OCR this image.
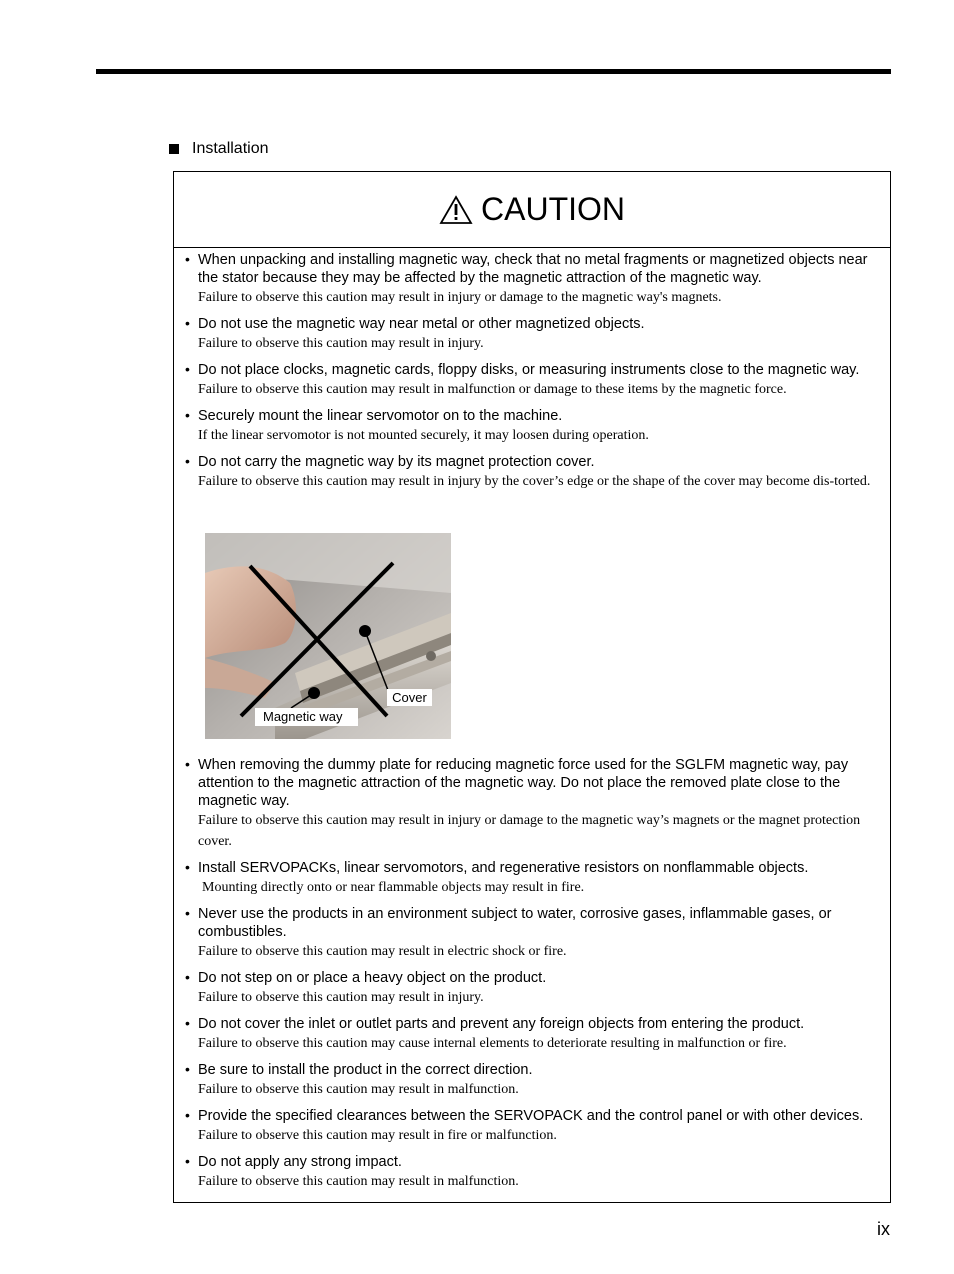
Installation
CAUTION
• When unpacking and installing magnetic way, check that no metal fragments or magnetized objects near the stator because they may be affected by the magnetic attraction of the magnetic way.
Failure to observe this caution may result in injury or damage to the magnetic way's magnets.
• Do not use the magnetic way near metal or other magnetized objects.
Failure to observe this caution may result in injury.
• Do not place clocks, magnetic cards, floppy disks, or measuring instruments close to the magnetic way.
Failure to observe this caution may result in malfunction or damage to these items by the magnetic force.
• Securely mount the linear servomotor on to the machine.
If the linear servomotor is not mounted securely, it may loosen during operation.
• Do not carry the magnetic way by its magnet protection cover.
Failure to observe this caution may result in injury by the cover’s edge or the shape of the cover may become dis-torted.
Cover
Magnetic way
• When removing the dummy plate for reducing magnetic force used for the SGLFM magnetic way, pay attention to the magnetic attraction of the magnetic way. Do not place the removed plate close to the magnetic way.
Failure to observe this caution may result in injury or damage to the magnetic way’s magnets or the magnet protection cover.
• Install SERVOPACKs, linear servomotors, and regenerative resistors on nonflammable objects.
Mounting directly onto or near flammable objects may result in fire.
• Never use the products in an environment subject to water, corrosive gases, inflammable gases, or combustibles.
Failure to observe this caution may result in electric shock or fire.
• Do not step on or place a heavy object on the product.
Failure to observe this caution may result in injury.
• Do not cover the inlet or outlet parts and prevent any foreign objects from entering the product.
Failure to observe this caution may cause internal elements to deteriorate resulting in malfunction or fire.
• Be sure to install the product in the correct direction.
Failure to observe this caution may result in malfunction.
• Provide the specified clearances between the SERVOPACK and the control panel or with other devices.
Failure to observe this caution may result in fire or malfunction.
• Do not apply any strong impact.
Failure to observe this caution may result in malfunction.
ix
